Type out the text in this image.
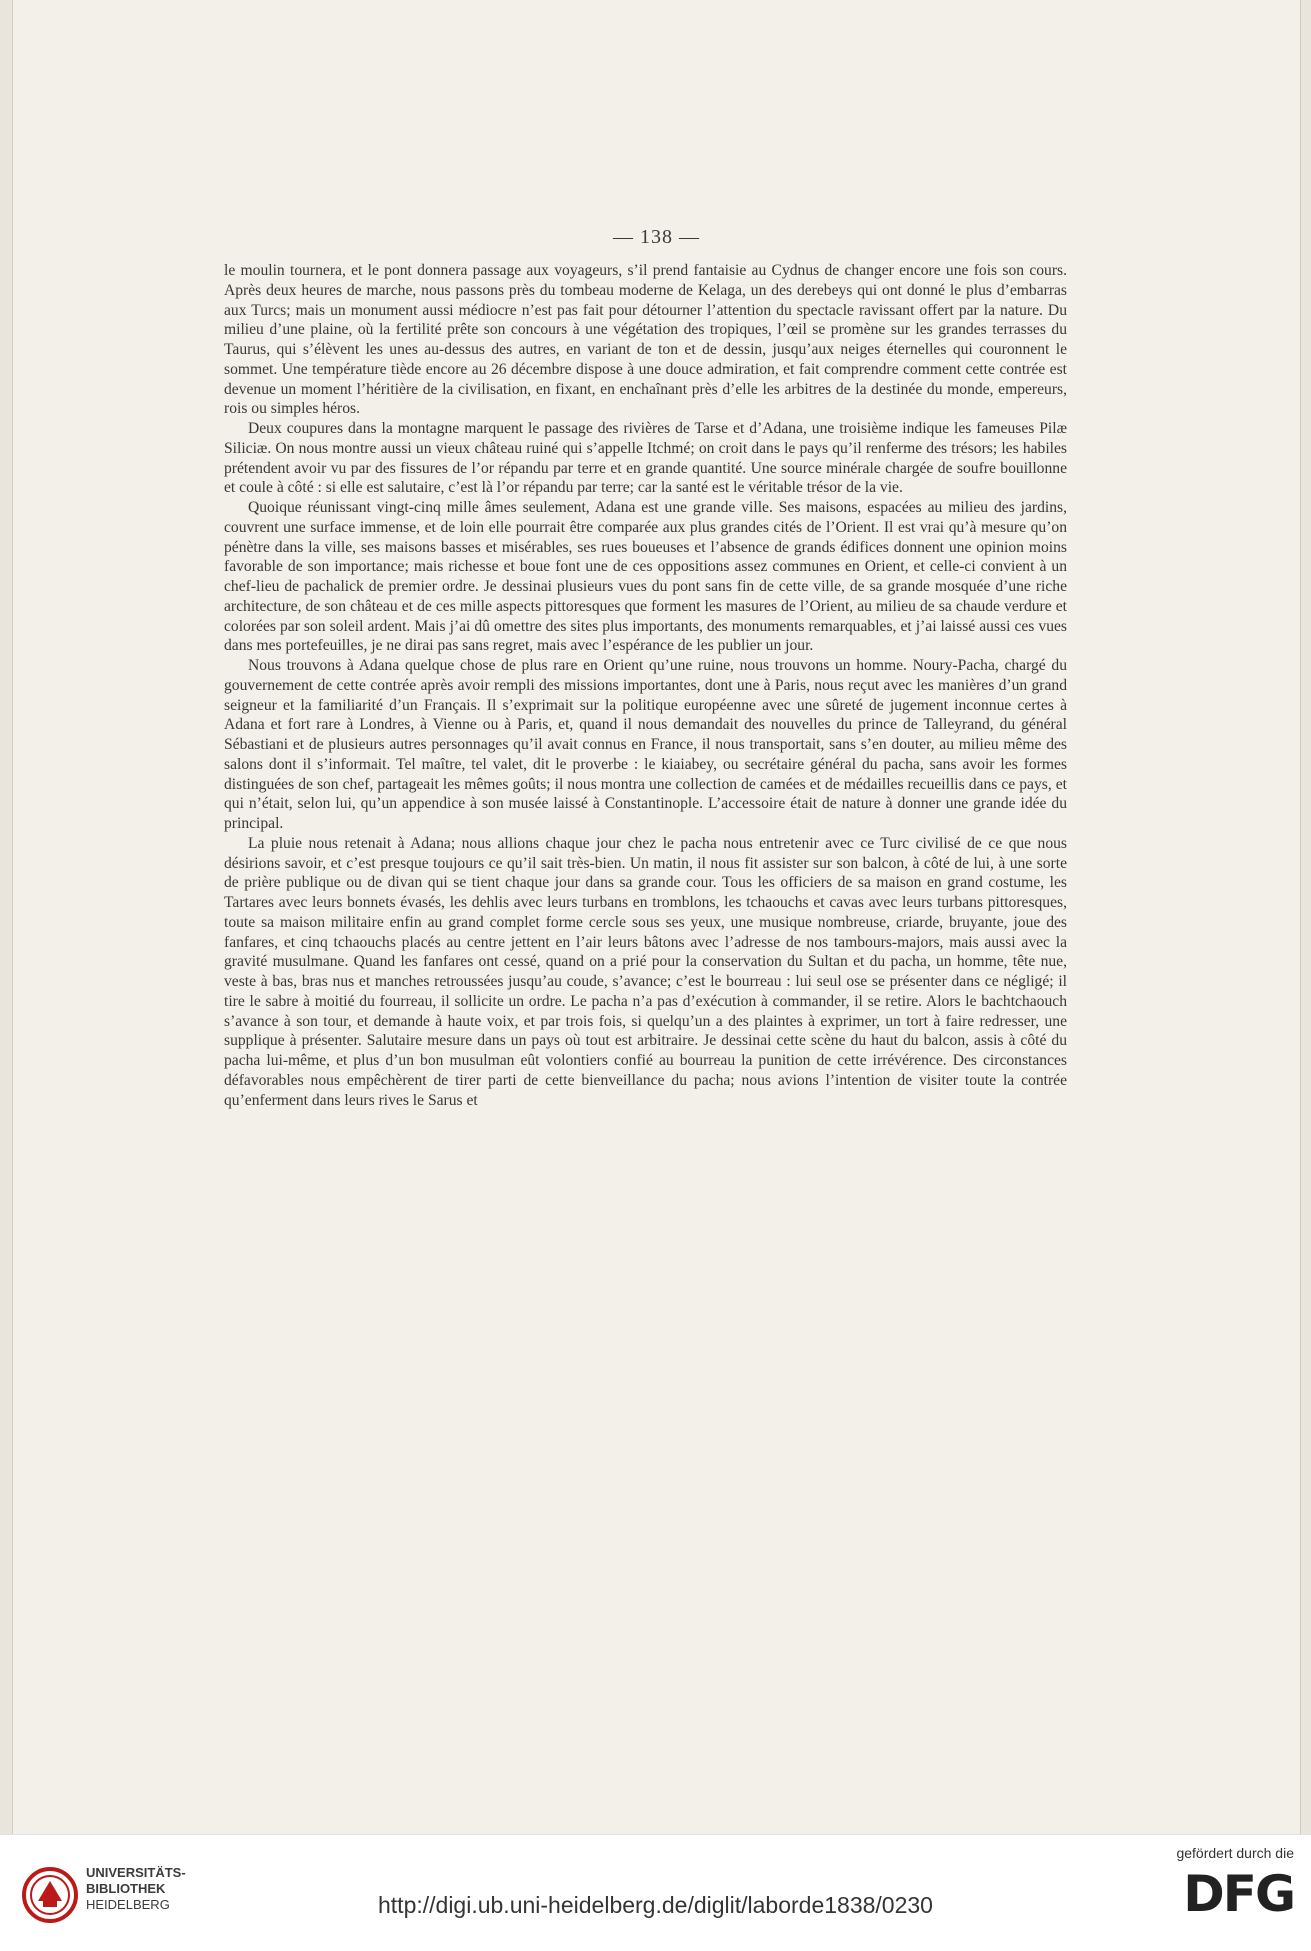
— 138 —

le moulin tournera, et le pont donnera passage aux voyageurs, s’il prend fantaisie au Cydnus de changer encore une fois son cours. Après deux heures de marche, nous passons près du tombeau moderne de Kelaga, un des derebeys qui ont donné le plus d’embarras aux Turcs; mais un monument aussi médiocre n’est pas fait pour détourner l’attention du spectacle ravissant offert par la nature. Du milieu d’une plaine, où la fertilité prête son concours à une végétation des tropiques, l’œil se promène sur les grandes terrasses du Taurus, qui s’élèvent les unes au-dessus des autres, en variant de ton et de dessin, jusqu’aux neiges éternelles qui couronnent le sommet. Une température tiède encore au 26 décembre dispose à une douce admiration, et fait comprendre comment cette contrée est devenue un moment l’héritière de la civilisation, en fixant, en enchaînant près d’elle les arbitres de la destinée du monde, empereurs, rois ou simples héros.

Deux coupures dans la montagne marquent le passage des rivières de Tarse et d’Adana, une troisième indique les fameuses Pilæ Siliciæ. On nous montre aussi un vieux château ruiné qui s’appelle Itchmé; on croit dans le pays qu’il renferme des trésors; les habiles prétendent avoir vu par des fissures de l’or répandu par terre et en grande quantité. Une source minérale chargée de soufre bouillonne et coule à côté : si elle est salutaire, c’est là l’or répandu par terre; car la santé est le véritable trésor de la vie.

Quoique réunissant vingt-cinq mille âmes seulement, Adana est une grande ville. Ses maisons, espacées au milieu des jardins, couvrent une surface immense, et de loin elle pourrait être comparée aux plus grandes cités de l’Orient. Il est vrai qu’à mesure qu’on pénètre dans la ville, ses maisons basses et misérables, ses rues boueuses et l’absence de grands édifices donnent une opinion moins favorable de son importance; mais richesse et boue font une de ces oppositions assez communes en Orient, et celle-ci convient à un chef-lieu de pachalick de premier ordre. Je dessinai plusieurs vues du pont sans fin de cette ville, de sa grande mosquée d’une riche architecture, de son château et de ces mille aspects pittoresques que forment les masures de l’Orient, au milieu de sa chaude verdure et colorées par son soleil ardent. Mais j’ai dû omettre des sites plus importants, des monuments remarquables, et j’ai laissé aussi ces vues dans mes portefeuilles, je ne dirai pas sans regret, mais avec l’espérance de les publier un jour.

Nous trouvons à Adana quelque chose de plus rare en Orient qu’une ruine, nous trouvons un homme. Noury-Pacha, chargé du gouvernement de cette contrée après avoir rempli des missions importantes, dont une à Paris, nous reçut avec les manières d’un grand seigneur et la familiarité d’un Français. Il s’exprimait sur la politique européenne avec une sûreté de jugement inconnue certes à Adana et fort rare à Londres, à Vienne ou à Paris, et, quand il nous demandait des nouvelles du prince de Talleyrand, du général Sébastiani et de plusieurs autres personnages qu’il avait connus en France, il nous transportait, sans s’en douter, au milieu même des salons dont il s’informait. Tel maître, tel valet, dit le proverbe : le kiaiabey, ou secrétaire général du pacha, sans avoir les formes distinguées de son chef, partageait les mêmes goûts; il nous montra une collection de camées et de médailles recueillis dans ce pays, et qui n’était, selon lui, qu’un appendice à son musée laissé à Constantinople. L’accessoire était de nature à donner une grande idée du principal.

La pluie nous retenait à Adana; nous allions chaque jour chez le pacha nous entretenir avec ce Turc civilisé de ce que nous désirions savoir, et c’est presque toujours ce qu’il sait très-bien. Un matin, il nous fit assister sur son balcon, à côté de lui, à une sorte de prière publique ou de divan qui se tient chaque jour dans sa grande cour. Tous les officiers de sa maison en grand costume, les Tartares avec leurs bonnets évasés, les dehlis avec leurs turbans en tromblons, les tchaouchs et cavas avec leurs turbans pittoresques, toute sa maison militaire enfin au grand complet forme cercle sous ses yeux, une musique nombreuse, criarde, bruyante, joue des fanfares, et cinq tchaouchs placés au centre jettent en l’air leurs bâtons avec l’adresse de nos tambours-majors, mais aussi avec la gravité musulmane. Quand les fanfares ont cessé, quand on a prié pour la conservation du Sultan et du pacha, un homme, tête nue, veste à bas, bras nus et manches retroussées jusqu’au coude, s’avance; c’est le bourreau : lui seul ose se présenter dans ce négligé; il tire le sabre à moitié du fourreau, il sollicite un ordre. Le pacha n’a pas d’exécution à commander, il se retire. Alors le bachtchaouch s’avance à son tour, et demande à haute voix, et par trois fois, si quelqu’un a des plaintes à exprimer, un tort à faire redresser, une supplique à présenter. Salutaire mesure dans un pays où tout est arbitraire. Je dessinai cette scène du haut du balcon, assis à côté du pacha lui-même, et plus d’un bon musulman eût volontiers confié au bourreau la punition de cette irrévérence. Des circonstances défavorables nous empêchèrent de tirer parti de cette bienveillance du pacha; nous avions l’intention de visiter toute la contrée qu’enferment dans leurs rives le Sarus et

UNIVERSITÄTS-
BIBLIOTHEK
HEIDELBERG	http://digi.ub.uni-heidelberg.de/diglit/laborde1838/0230
gefördert durch die
DFG
